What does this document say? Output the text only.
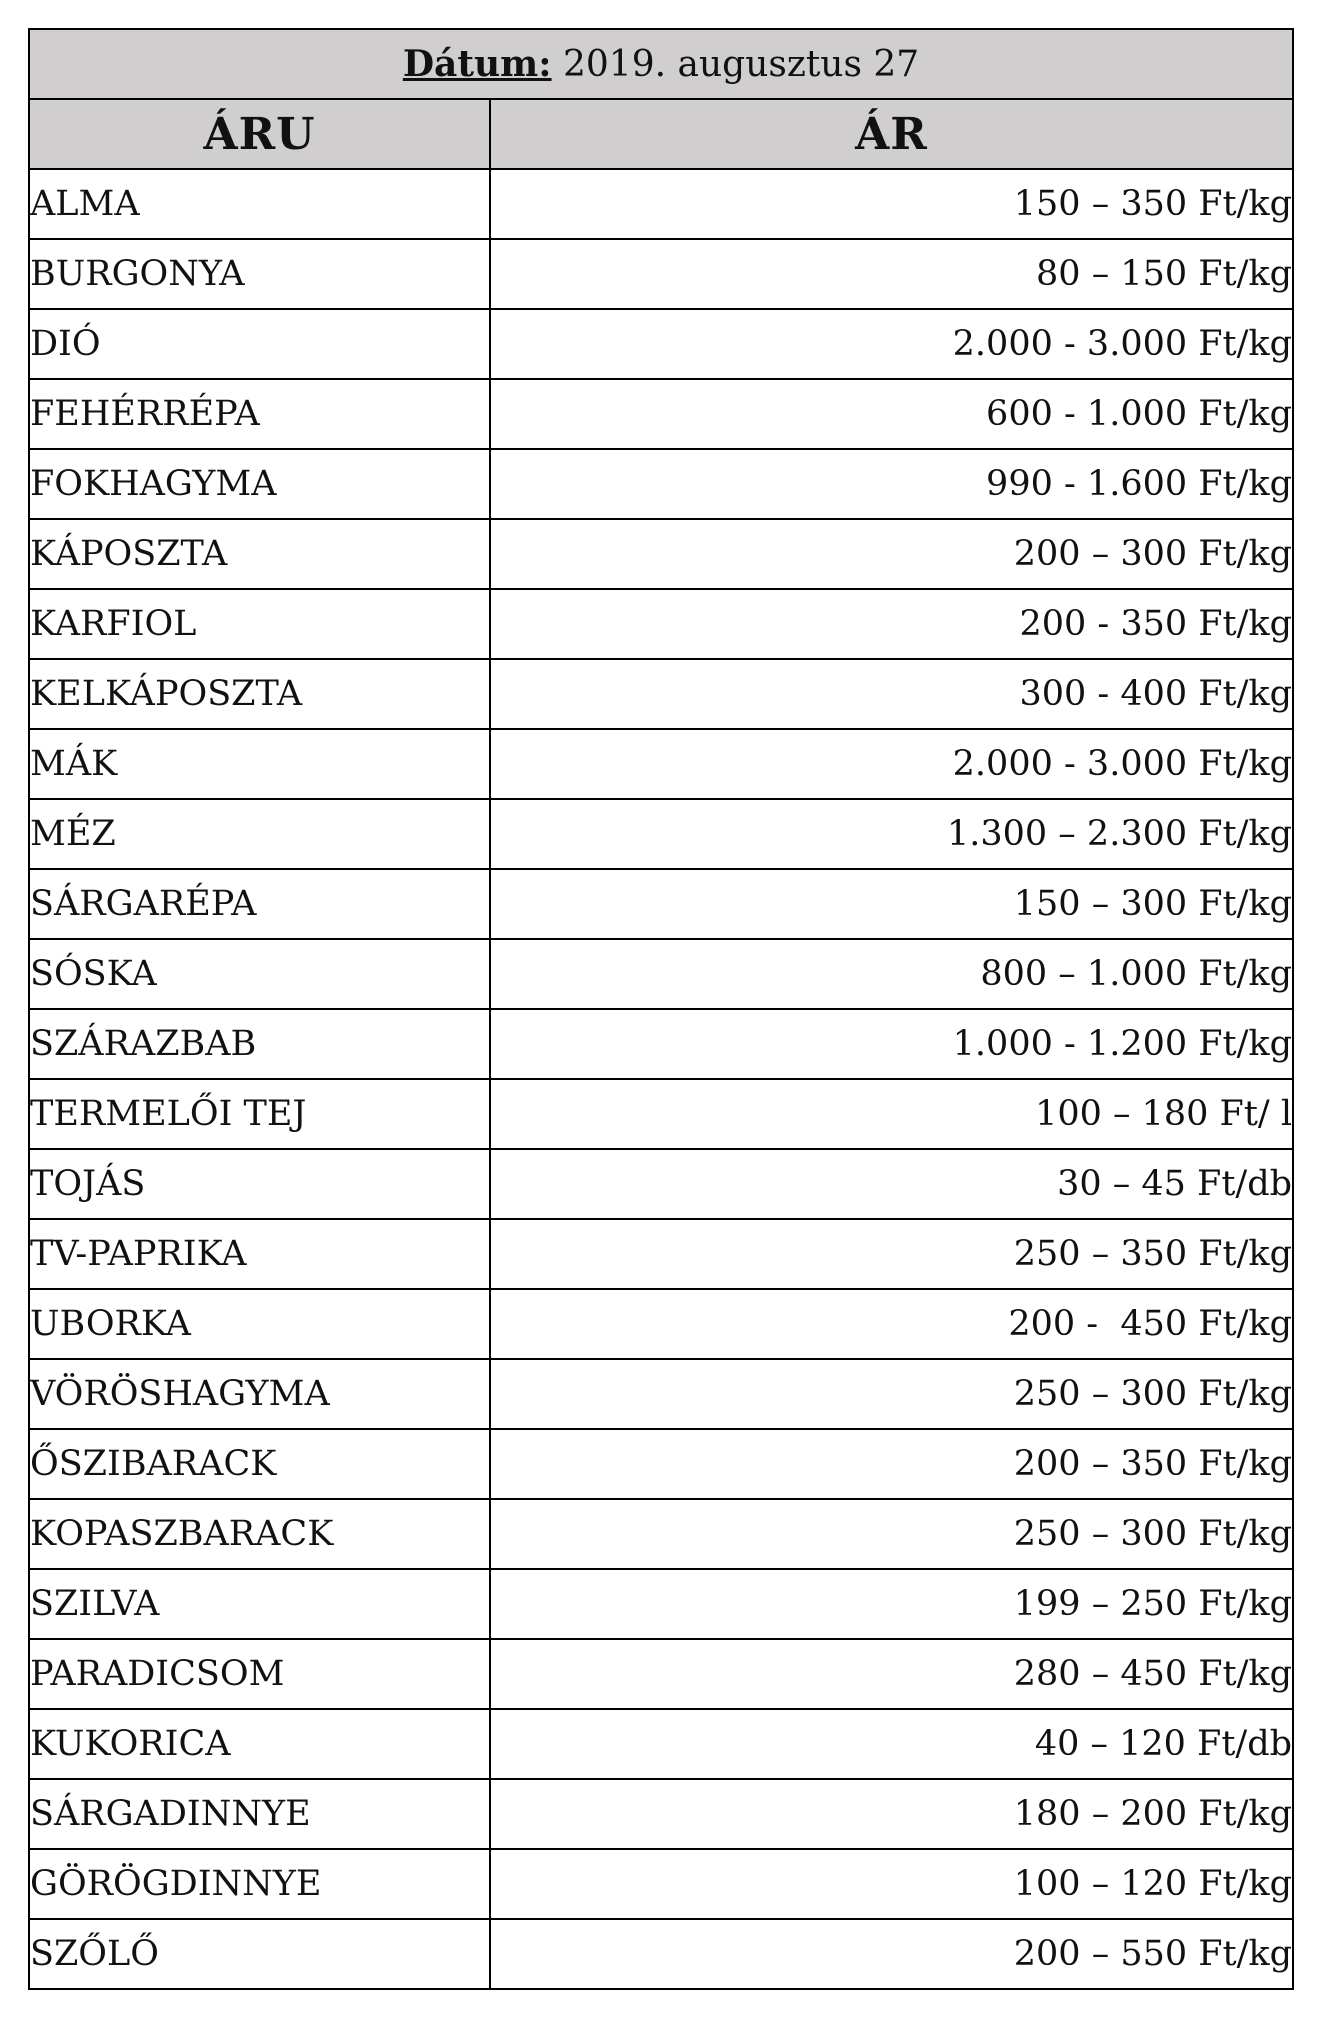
Dátum: 2019. augusztus 27	
ÁRU	ÁR
ALMA	150 – 350 Ft/kg
BURGONYA	80 – 150 Ft/kg
DIÓ	2.000 - 3.000 Ft/kg
FEHÉRRÉPA	600 - 1.000 Ft/kg
FOKHAGYMA	990 - 1.600 Ft/kg
KÁPOSZTA	200 – 300 Ft/kg
KARFIOL	200 - 350 Ft/kg
KELKÁPOSZTA	300 - 400 Ft/kg
MÁK	2.000 - 3.000 Ft/kg
MÉZ	1.300 – 2.300 Ft/kg
SÁRGARÉPA	150 – 300 Ft/kg
SÓSKA	800 – 1.000 Ft/kg
SZÁRAZBAB	1.000 - 1.200 Ft/kg
TERMELŐI TEJ	100 – 180 Ft/ l
TOJÁS	30 – 45 Ft/db
TV-PAPRIKA	250 – 350 Ft/kg
UBORKA	200 -  450 Ft/kg
VÖRÖSHAGYMA	250 – 300 Ft/kg
ŐSZIBARACK	200 – 350 Ft/kg
KOPASZBARACK	250 – 300 Ft/kg
SZILVA	199 – 250 Ft/kg
PARADICSOM	280 – 450 Ft/kg
KUKORICA	40 – 120 Ft/db
SÁRGADINNYE	180 – 200 Ft/kg
GÖRÖGDINNYE	100 – 120 Ft/kg
SZŐLŐ	200 – 550 Ft/kg
